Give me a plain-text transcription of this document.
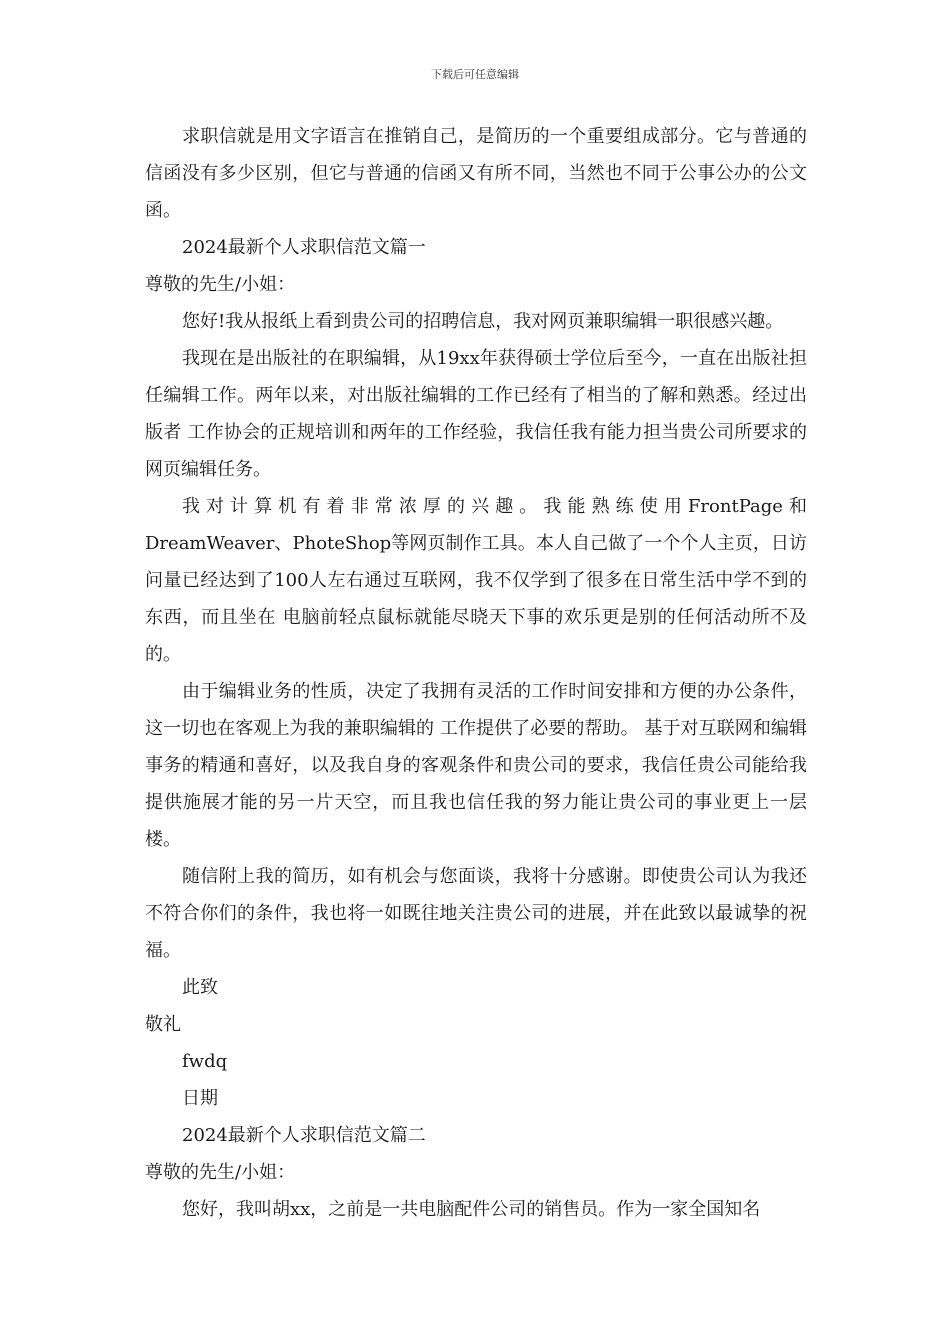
下载后可任意编辑

求职信就是用文字语言在推销自己，是简历的一个重要组成部分。它与普通的信函没有多少区别，但它与普通的信函又有所不同，当然也不同于公事公办的公文函。

2024最新个人求职信范文篇一

尊敬的先生/小姐：

您好!我从报纸上看到贵公司的招聘信息，我对网页兼职编辑一职很感兴趣。

我现在是出版社的在职编辑，从19xx年获得硕士学位后至今，一直在出版社担任编辑工作。两年以来，对出版社编辑的工作已经有了相当的了解和熟悉。经过出版者 工作协会的正规培训和两年的工作经验，我信任我有能力担当贵公司所要求的网页编辑任务。

我对计算机有着非常浓厚的兴趣。我能熟练使用FrontPage和DreamWeaver、PhoteShop等网页制作工具。本人自己做了一个个人主页，日访问量已经达到了100人左右通过互联网，我不仅学到了很多在日常生活中学不到的东西，而且坐在 电脑前轻点鼠标就能尽晓天下事的欢乐更是别的任何活动所不及的。

由于编辑业务的性质，决定了我拥有灵活的工作时间安排和方便的办公条件，这一切也在客观上为我的兼职编辑的 工作提供了必要的帮助。 基于对互联网和编辑事务的精通和喜好，以及我自身的客观条件和贵公司的要求，我信任贵公司能给我提供施展才能的另一片天空，而且我也信任我的努力能让贵公司的事业更上一层楼。

随信附上我的简历，如有机会与您面谈，我将十分感谢。即使贵公司认为我还不符合你们的条件，我也将一如既往地关注贵公司的进展，并在此致以最诚挚的祝福。

此致

敬礼

fwdq

日期

2024最新个人求职信范文篇二

尊敬的先生/小姐：

您好，我叫胡xx，之前是一共电脑配件公司的销售员。作为一家全国知名
